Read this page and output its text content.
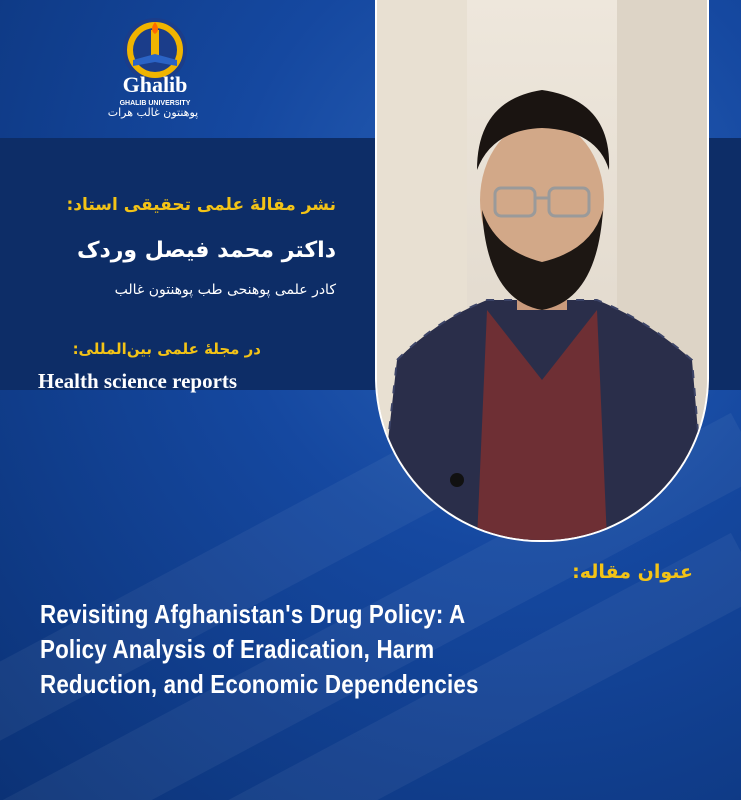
Ghalib
GHALIB UNIVERSITY
پوهنتون غالب هرات
نشر مقالهٔ علمی تحقیقی استاد:
داکتر محمد فیصل وردک
کادر علمی پوهنحی طب پوهنتون غالب
در مجلهٔ علمی بین‌المللی:
Health science reports
عنوان مقاله:
Revisiting Afghanistan's Drug Policy: A
Policy Analysis of Eradication, Harm
Reduction, and Economic Dependencies
